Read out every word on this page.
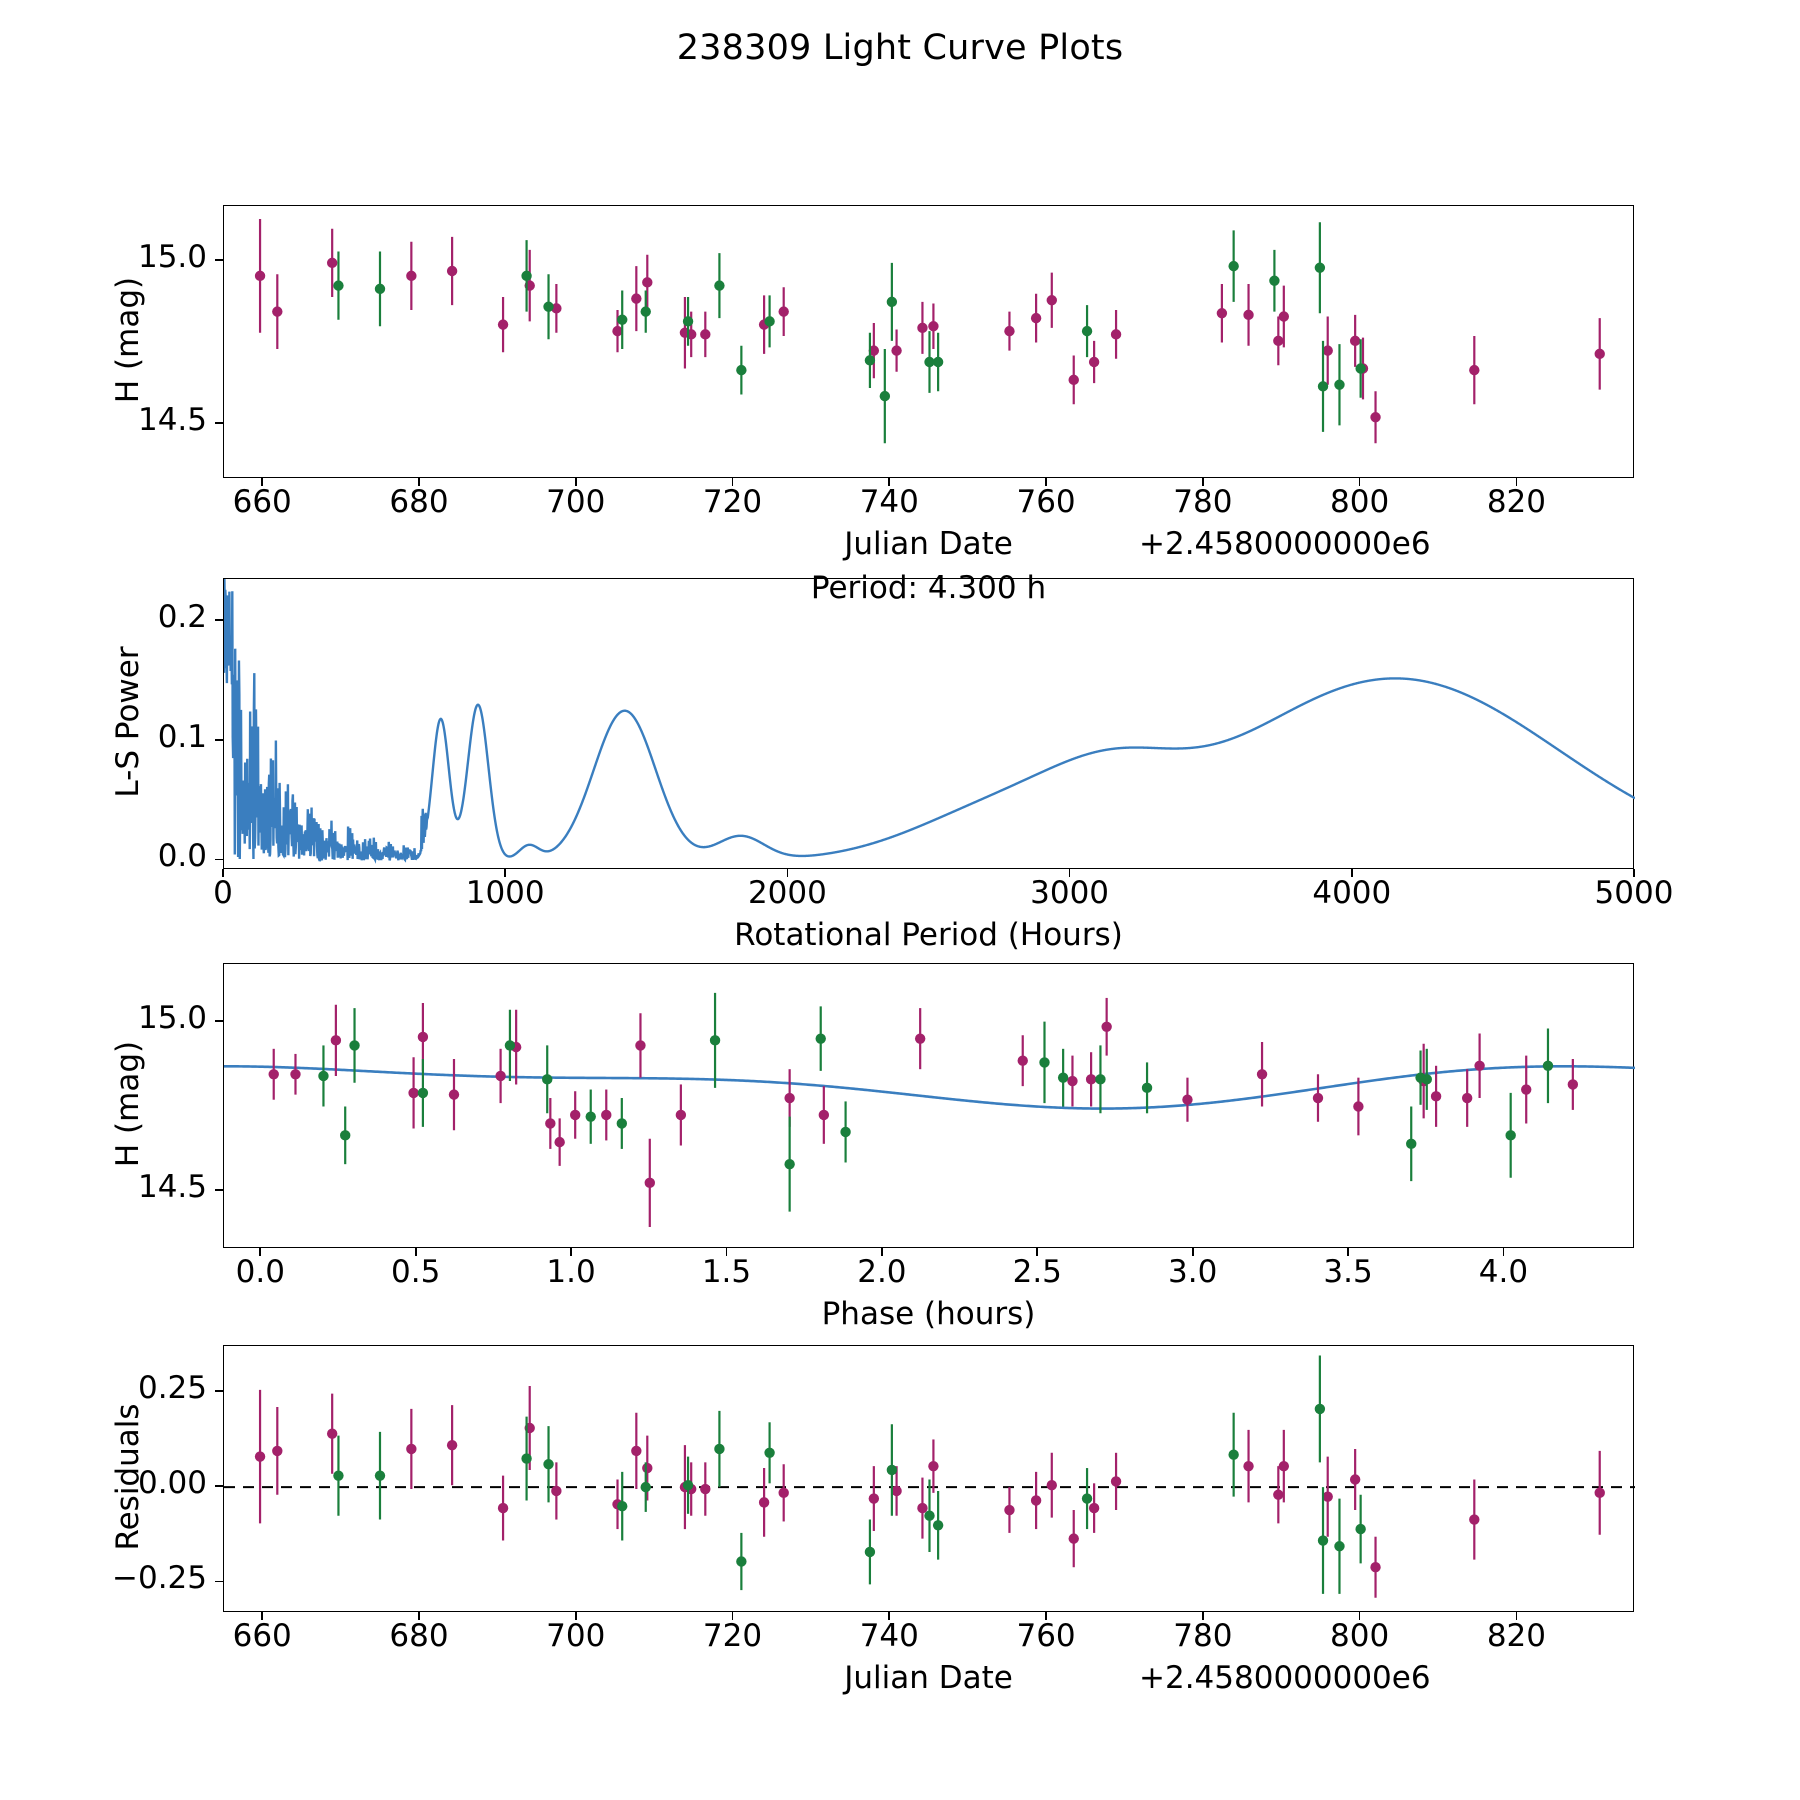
238309 Light Curve Plots
H (mag)
Julian Date	+2.4580000000e6
Period: 4.300 h
L-S Power
Rotational Period (Hours)
H (mag)
Phase (hours)
Residuals
Julian Date	+2.4580000000e6
660	680	700	720	740	760	780	800	820
14.5
15.0
0	1000	2000	3000	4000	5000
0.0
0.1
0.2
0.0	0.5	1.0	1.5	2.0	2.5	3.0	3.5	4.0
14.5
15.0
660	680	700	720	740	760	780	800	820
−0.25
0.00
0.25
